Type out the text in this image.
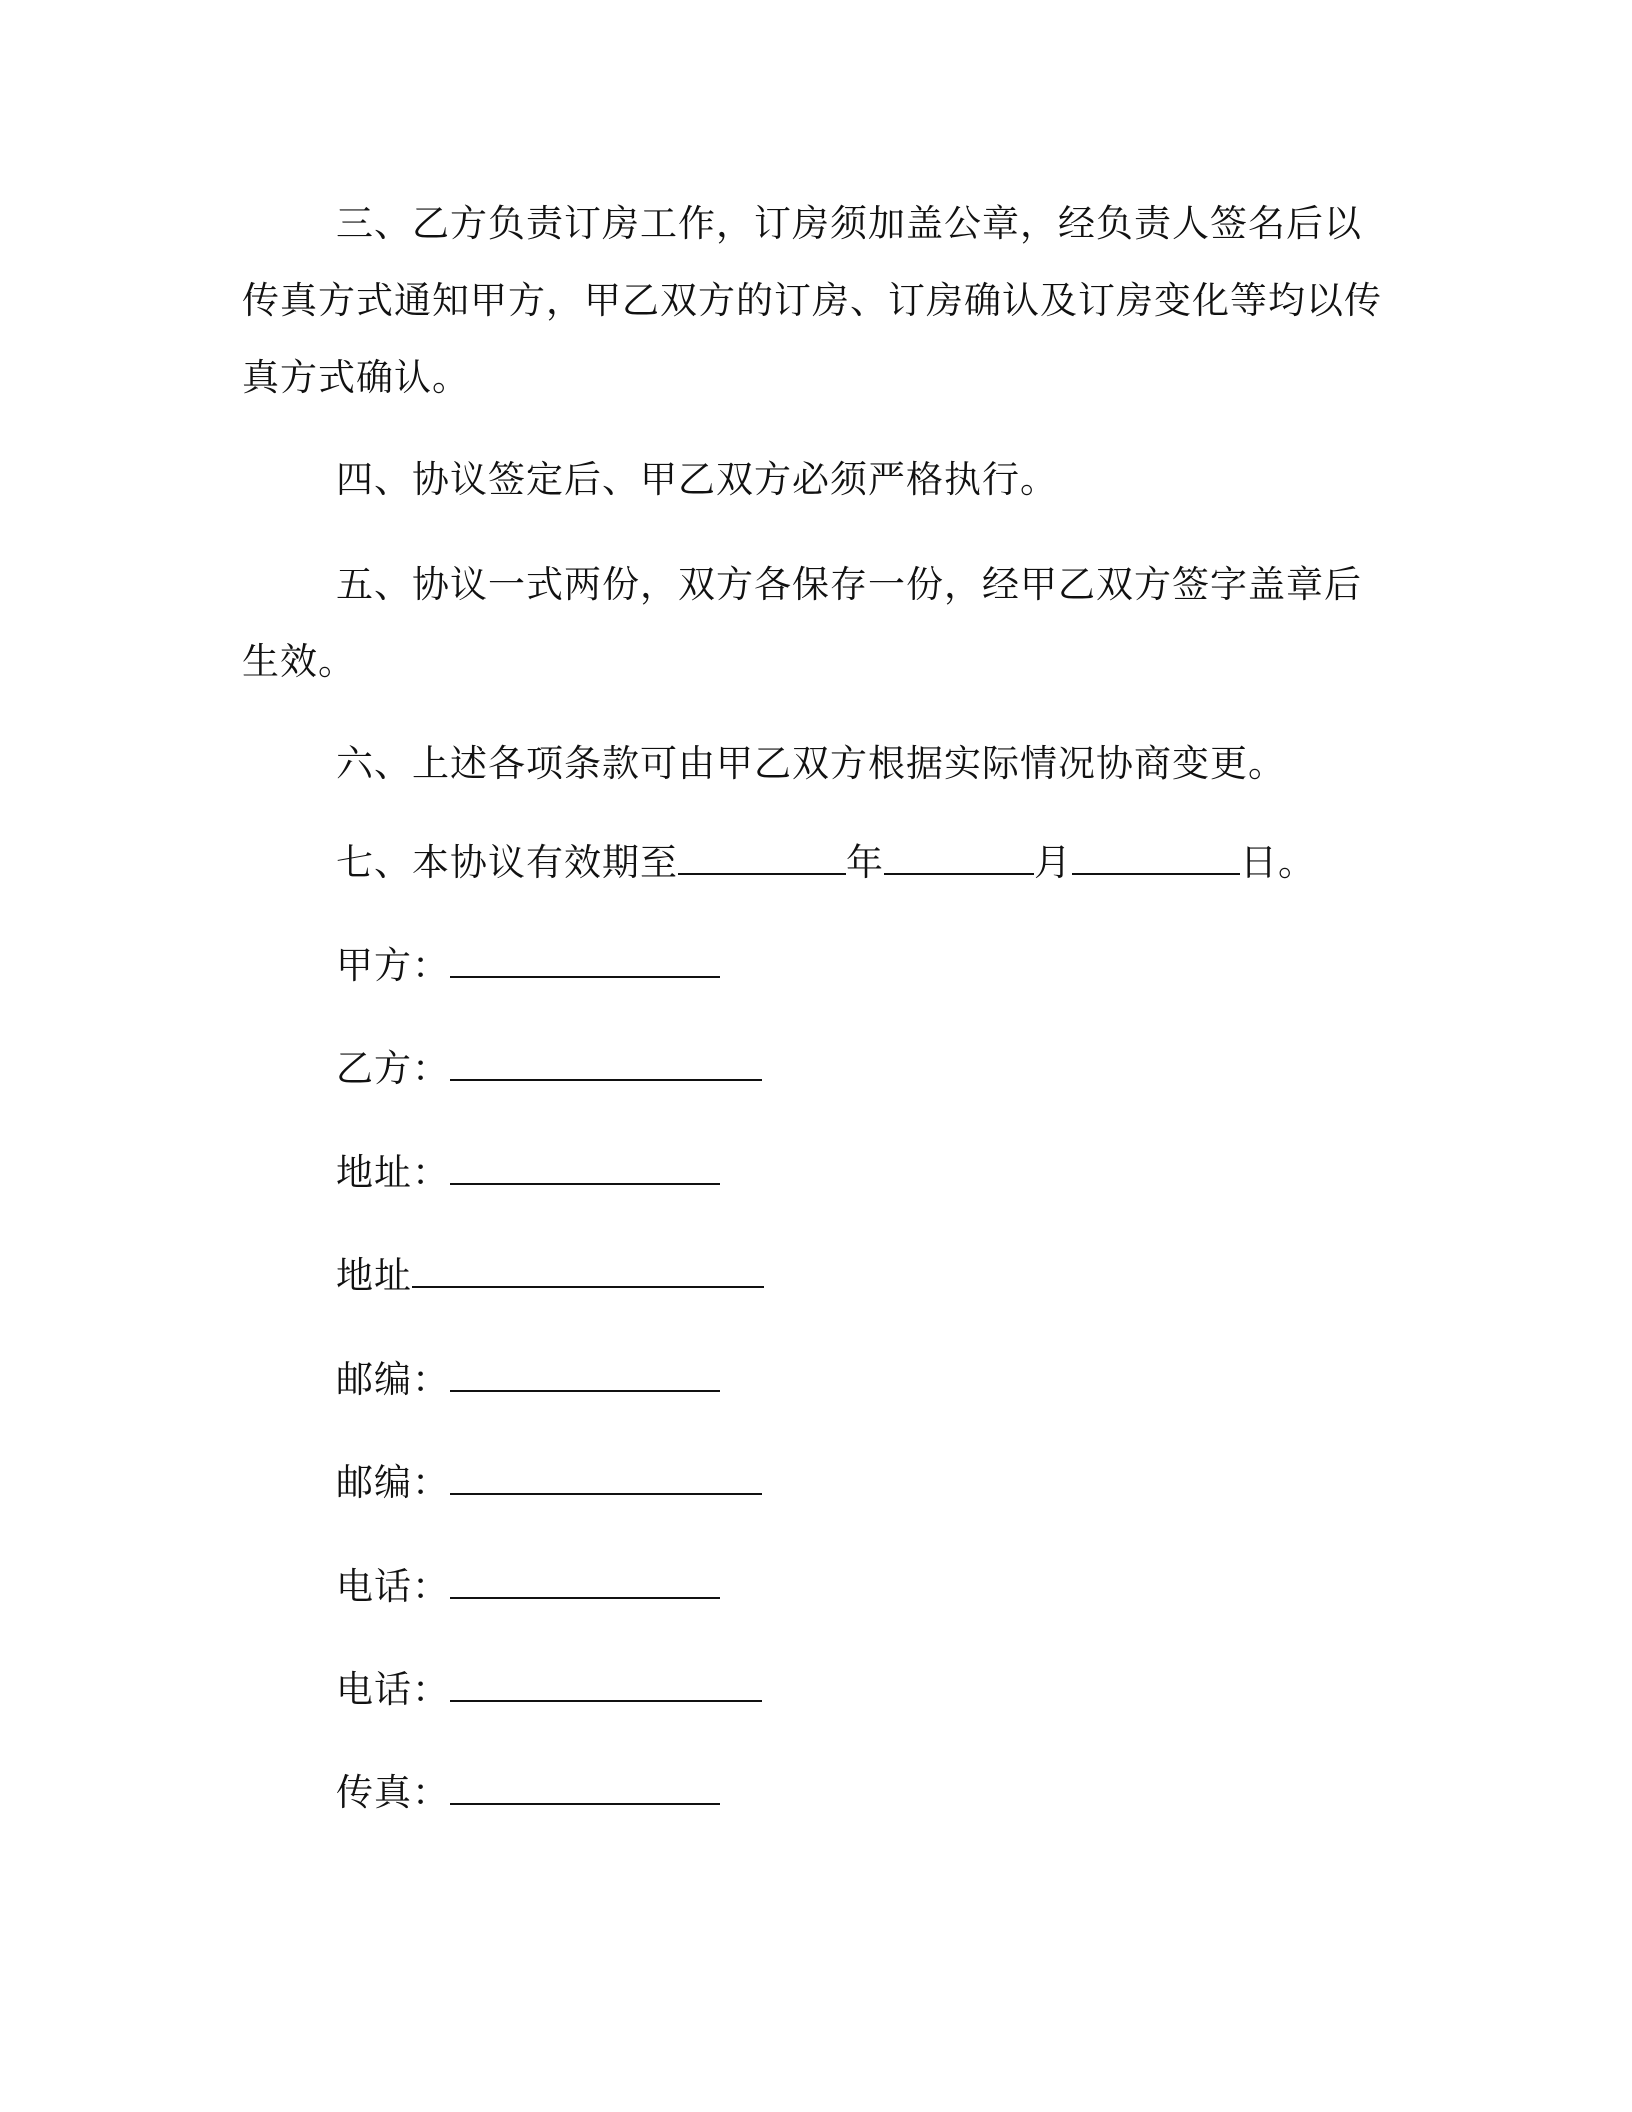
三、乙方负责订房工作，订房须加盖公章，经负责人签名后以传真方式通知甲方，甲乙双方的订房、订房确认及订房变化等均以传真方式确认。

四、协议签定后、甲乙双方必须严格执行。

五、协议一式两份，双方各保存一份，经甲乙双方签字盖章后生效。

六、上述各项条款可由甲乙双方根据实际情况协商变更。

七、本协议有效期至	年	月	日。
甲方：
乙方：
地址：
地址
邮编：
邮编：
电话：
电话：
传真：
